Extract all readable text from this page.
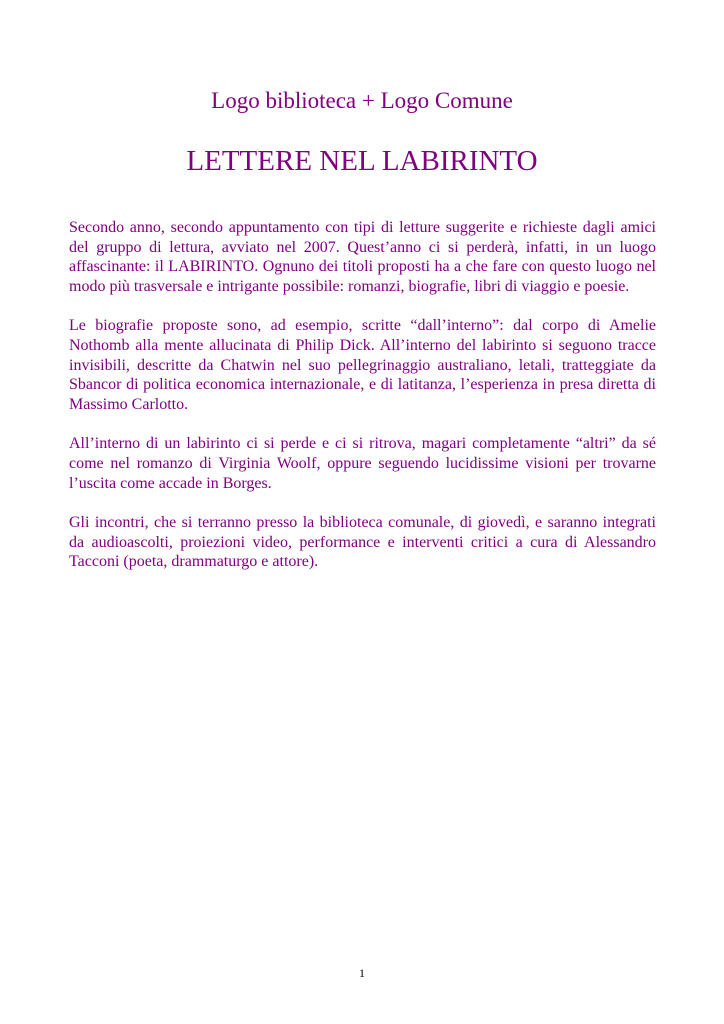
Logo biblioteca + Logo Comune
LETTERE NEL LABIRINTO

Secondo anno, secondo appuntamento con tipi di letture suggerite e richieste dagli amici del gruppo di lettura, avviato nel 2007. Quest’anno ci si perderà, infatti, in un luogo affascinante: il LABIRINTO. Ognuno dei titoli proposti ha a che fare con questo luogo nel modo più trasversale e intrigante possibile: romanzi, biografie, libri di viaggio e poesie.

Le biografie proposte sono, ad esempio, scritte “dall’interno”: dal corpo di Amelie Nothomb alla mente allucinata di Philip Dick. All’interno del labirinto si seguono tracce invisibili, descritte da Chatwin nel suo pellegrinaggio australiano, letali, tratteggiate da Sbancor di politica economica internazionale, e di latitanza, l’esperienza in presa diretta di Massimo Carlotto.

All’interno di un labirinto ci si perde e ci si ritrova, magari completamente “altri” da sé come nel romanzo di Virginia Woolf, oppure seguendo lucidissime visioni per trovarne l’uscita come accade in Borges.

Gli incontri, che si terranno presso la biblioteca comunale, di giovedì, e saranno integrati da audioascolti, proiezioni video, performance e interventi critici a cura di Alessandro Tacconi (poeta, drammaturgo e attore).

1
